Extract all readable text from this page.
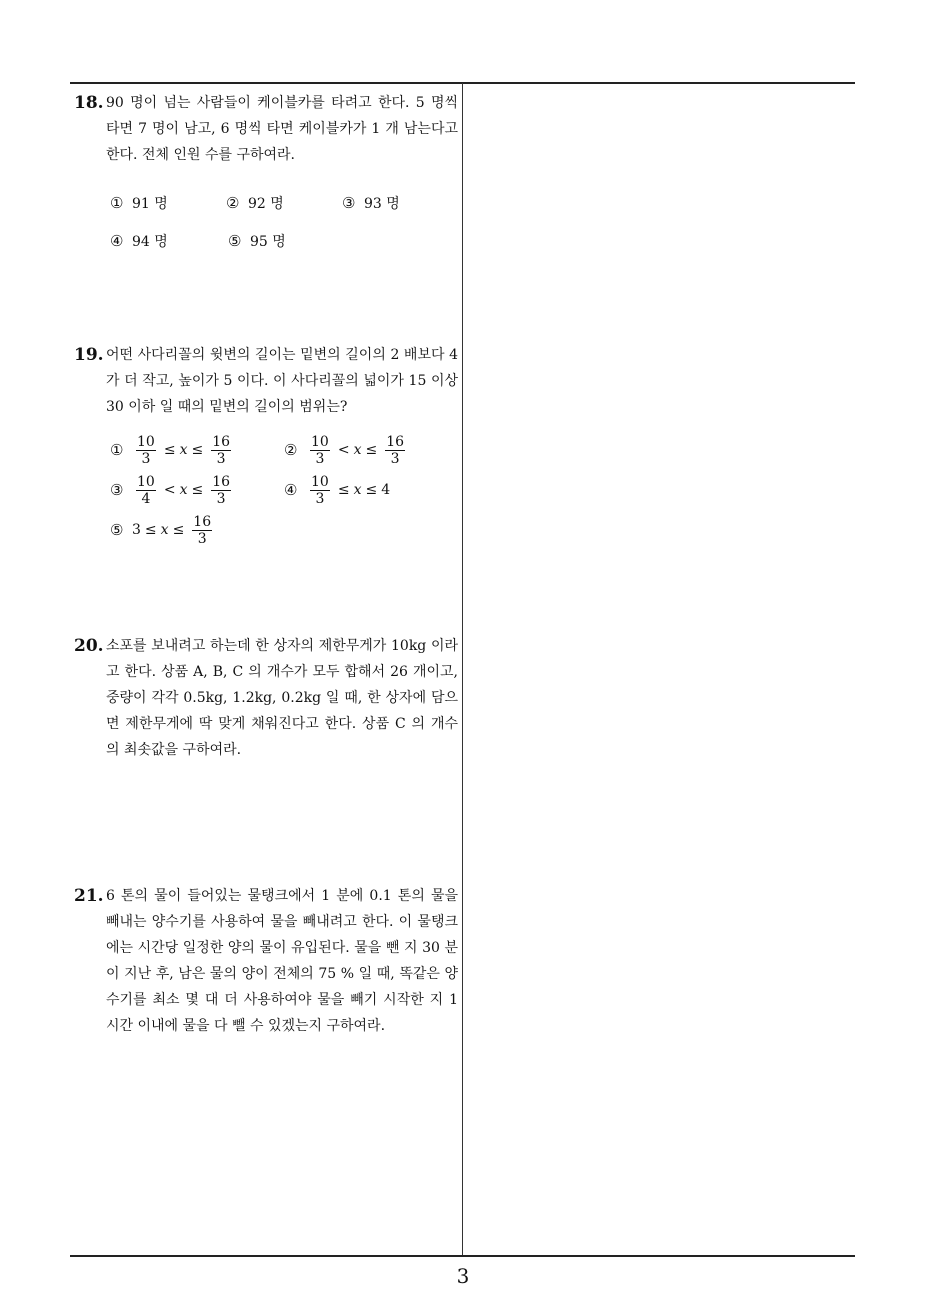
18. 90 명이 넘는 사람들이 케이블카를 타려고 한다. 5 명씩 타면 7 명이 남고, 6 명씩 타면 케이블카가 1 개 남는다고 한다. 전체 인원 수를 구하여라.
① 91 명	② 92 명	③ 93 명
④ 94 명	⑤ 95 명
19. 어떤 사다리꼴의 윗변의 길이는 밑변의 길이의 2 배보다 4 가 더 작고, 높이가 5 이다. 이 사다리꼴의 넓이가 15 이상 30 이하 일 때의 밑변의 길이의 범위는?
① $\frac{10}{3} \le x \le \frac{16}{3}$	② $\frac{10}{3} < x \le \frac{16}{3}$
③ $\frac{10}{4} < x \le \frac{16}{3}$	④ $\frac{10}{3} \le x \le 4$
⑤ $3 \le x \le \frac{16}{3}$
20. 소포를 보내려고 하는데 한 상자의 제한무게가 10kg 이라고 한다. 상품 A, B, C 의 개수가 모두 합해서 26 개이고, 중량이 각각 0.5kg, 1.2kg, 0.2kg 일 때, 한 상자에 담으면 제한무게에 딱 맞게 채워진다고 한다. 상품 C 의 개수의 최솟값을 구하여라.
21. 6 톤의 물이 들어있는 물탱크에서 1 분에 0.1 톤의 물을 빼내는 양수기를 사용하여 물을 빼내려고 한다. 이 물탱크에는 시간당 일정한 양의 물이 유입된다. 물을 뺀 지 30 분이 지난 후, 남은 물의 양이 전체의 75 % 일 때, 똑같은 양수기를 최소 몇 대 더 사용하여야 물을 빼기 시작한 지 1 시간 이내에 물을 다 뺄 수 있겠는지 구하여라.
3
